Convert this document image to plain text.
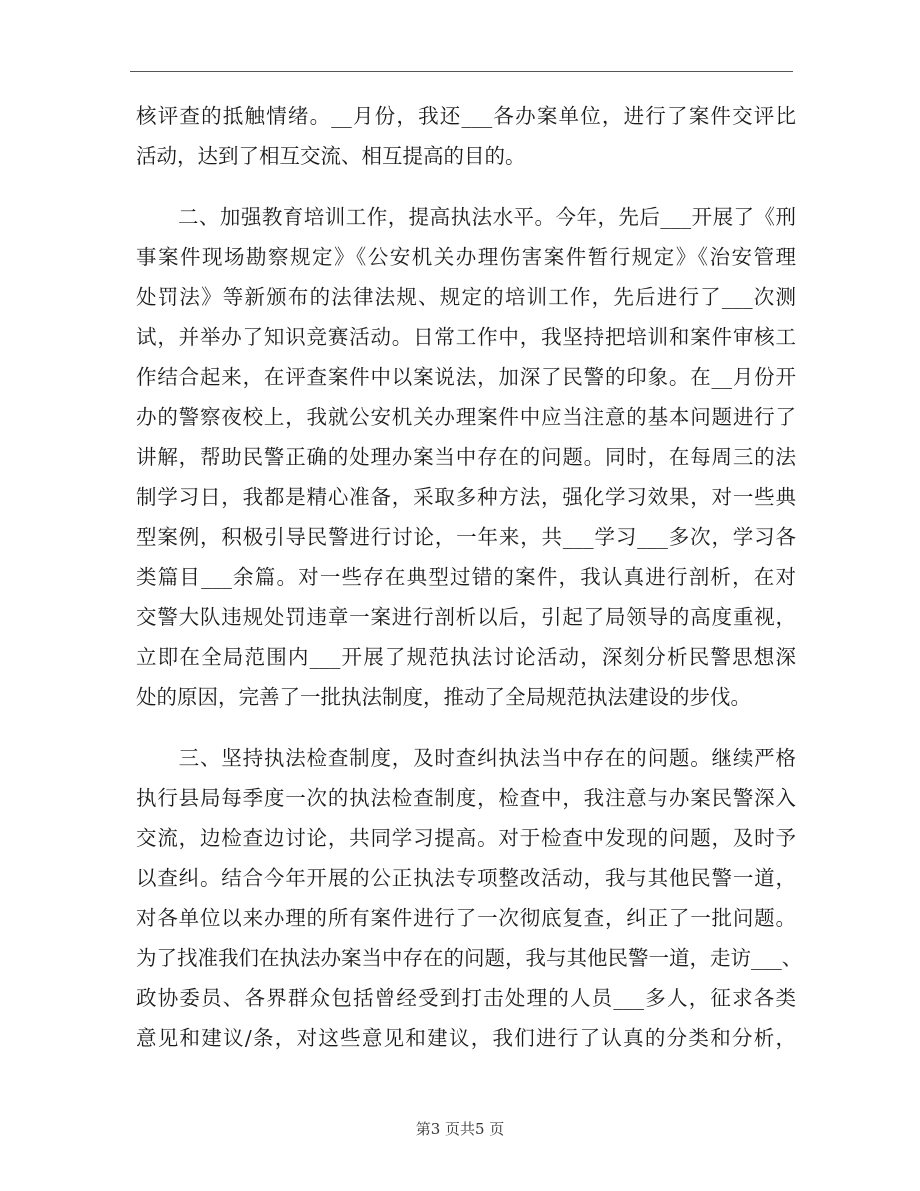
核评查的抵触情绪。__月份，我还___各办案单位，进行了案件交评比
活动，达到了相互交流、相互提高的目的。
　　二、加强教育培训工作，提高执法水平。今年，先后___开展了《刑
事案件现场勘察规定》《公安机关办理伤害案件暂行规定》《治安管理
处罚法》等新颁布的法律法规、规定的培训工作，先后进行了___次测
试，并举办了知识竞赛活动。日常工作中，我坚持把培训和案件审核工
作结合起来，在评查案件中以案说法，加深了民警的印象。在__月份开
办的警察夜校上，我就公安机关办理案件中应当注意的基本问题进行了
讲解，帮助民警正确的处理办案当中存在的问题。同时，在每周三的法
制学习日，我都是精心准备，采取多种方法，强化学习效果，对一些典
型案例，积极引导民警进行讨论，一年来，共___学习___多次，学习各
类篇目___余篇。对一些存在典型过错的案件，我认真进行剖析，在对
交警大队违规处罚违章一案进行剖析以后，引起了局领导的高度重视，
立即在全局范围内___开展了规范执法讨论活动，深刻分析民警思想深
处的原因，完善了一批执法制度，推动了全局规范执法建设的步伐。
　　三、坚持执法检查制度，及时查纠执法当中存在的问题。继续严格
执行县局每季度一次的执法检查制度，检查中，我注意与办案民警深入
交流，边检查边讨论，共同学习提高。对于检查中发现的问题，及时予
以查纠。结合今年开展的公正执法专项整改活动，我与其他民警一道，
对各单位以来办理的所有案件进行了一次彻底复查，纠正了一批问题。
为了找准我们在执法办案当中存在的问题，我与其他民警一道，走访___、
政协委员、各界群众包括曾经受到打击处理的人员___多人，征求各类
意见和建议/条，对这些意见和建议，我们进行了认真的分类和分析，
第3 页共5 页
